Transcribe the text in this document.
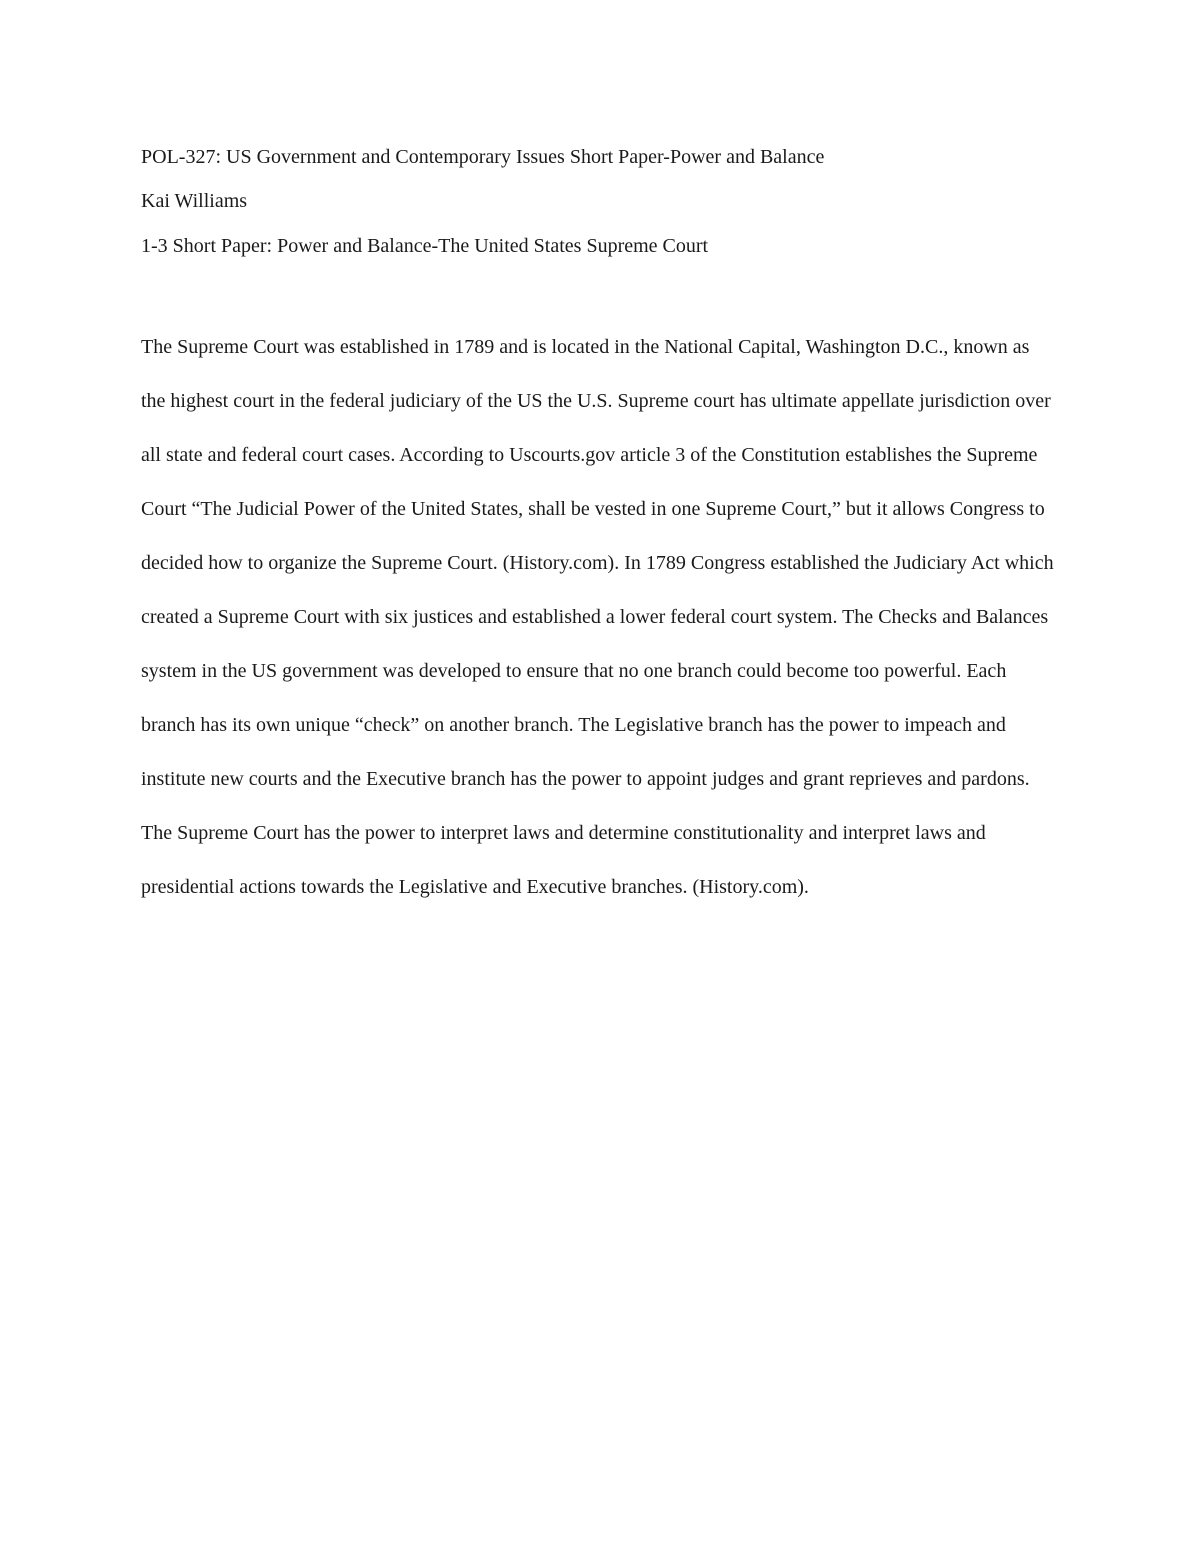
POL-327: US Government and Contemporary Issues Short Paper-Power and Balance
Kai Williams
1-3 Short Paper: Power and Balance-The United States Supreme Court

The Supreme Court was established in 1789 and is located in the National Capital, Washington D.C., known as the highest court in the federal judiciary of the US the U.S. Supreme court has ultimate appellate jurisdiction over all state and federal court cases. According to Uscourts.gov article 3 of the Constitution establishes the Supreme Court “The Judicial Power of the United States, shall be vested in one Supreme Court,” but it allows Congress to decided how to organize the Supreme Court. (History.com). In 1789 Congress established the Judiciary Act which created a Supreme Court with six justices and established a lower federal court system. The Checks and Balances system in the US government was developed to ensure that no one branch could become too powerful. Each branch has its own unique “check” on another branch. The Legislative branch has the power to impeach and institute new courts and the Executive branch has the power to appoint judges and grant reprieves and pardons. The Supreme Court has the power to interpret laws and determine constitutionality and interpret laws and presidential actions towards the Legislative and Executive branches. (History.com).
